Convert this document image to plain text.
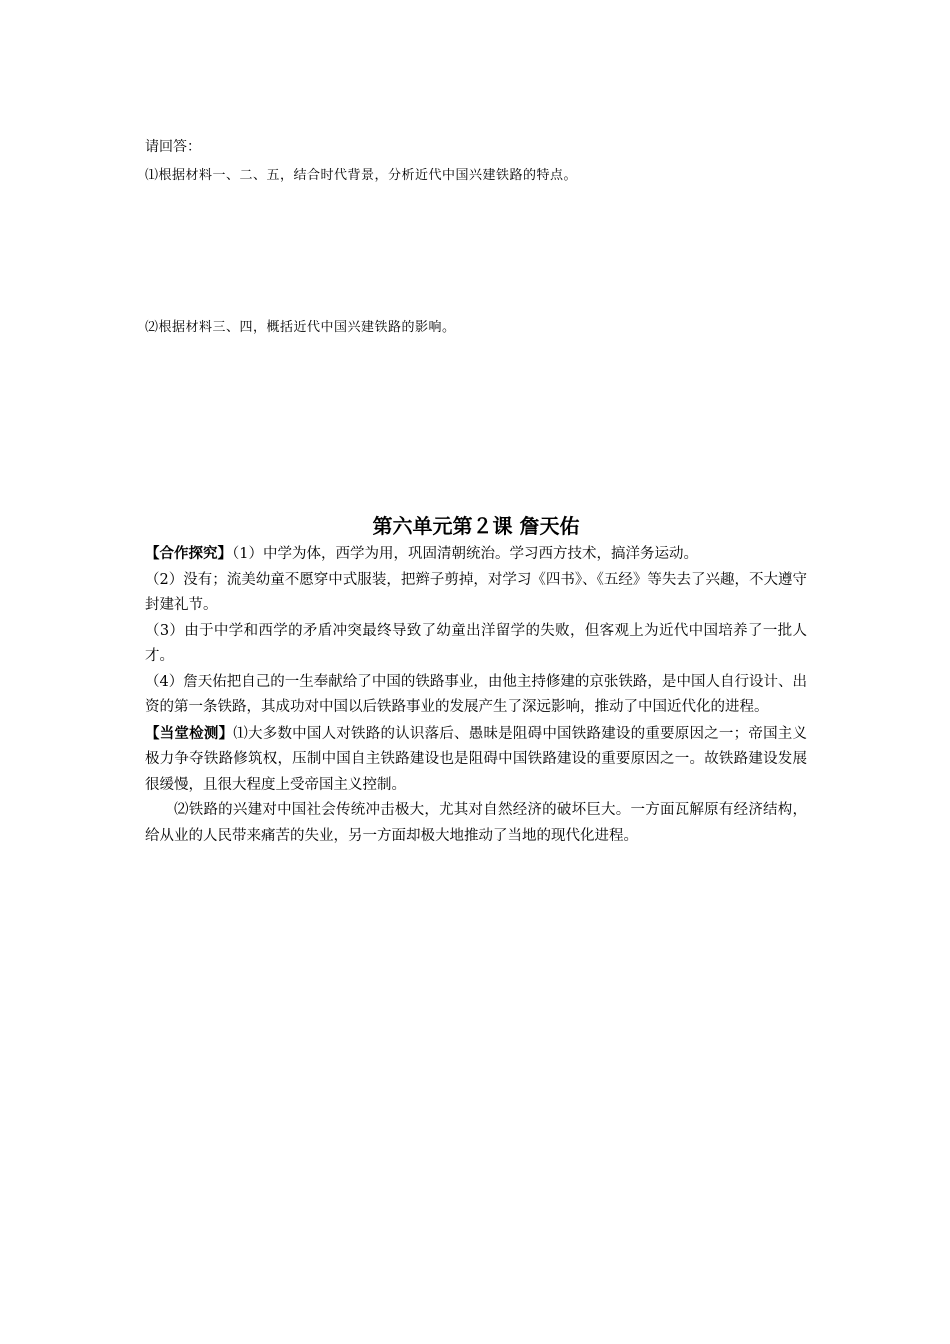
请回答：
⑴根据材料一、二、五，结合时代背景，分析近代中国兴建铁路的特点。
⑵根据材料三、四，概括近代中国兴建铁路的影响。
第六单元第２课 詹天佑

【合作探究】（1）中学为体，西学为用，巩固清朝统治。学习西方技术，搞洋务运动。

（2）没有；流美幼童不愿穿中式服装，把辫子剪掉，对学习《四书》、《五经》等失去了兴趣，不大遵守封建礼节。

（3）由于中学和西学的矛盾冲突最终导致了幼童出洋留学的失败，但客观上为近代中国培养了一批人才。

（4）詹天佑把自己的一生奉献给了中国的铁路事业，由他主持修建的京张铁路，是中国人自行设计、出资的第一条铁路，其成功对中国以后铁路事业的发展产生了深远影响，推动了中国近代化的进程。

【当堂检测】⑴大多数中国人对铁路的认识落后、愚昧是阻碍中国铁路建设的重要原因之一；帝国主义极力争夺铁路修筑权，压制中国自主铁路建设也是阻碍中国铁路建设的重要原因之一。故铁路建设发展很缓慢，且很大程度上受帝国主义控制。

⑵铁路的兴建对中国社会传统冲击极大，尤其对自然经济的破坏巨大。一方面瓦解原有经济结构，给从业的人民带来痛苦的失业，另一方面却极大地推动了当地的现代化进程。
